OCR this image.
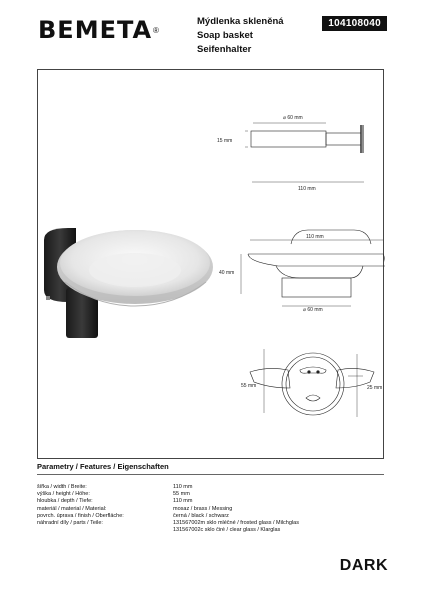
BEMETA ®
Mýdlenka skleněná
Soap basket
Seifenhalter
104108040
⌀ 60 mm
15 mm
110 mm
110 mm
40 mm
⌀ 60 mm
55 mm	25 mm
Parametry / Features / Eigenschaften
šířka / width / Breite:	110 mm
výška / height / Höhe:	55 mm
hloubka / depth / Tiefe:	110 mm
materiál / material / Material:	mosaz / brass / Messing
povrch. úprava / finish / Oberfläche:	černá / black / schwarz
náhradní díly / parts / Teile:	131567002m sklo mléčné / frosted glass / Milchglas
131567002c sklo čiré / clear glass / Klarglas
DARK
